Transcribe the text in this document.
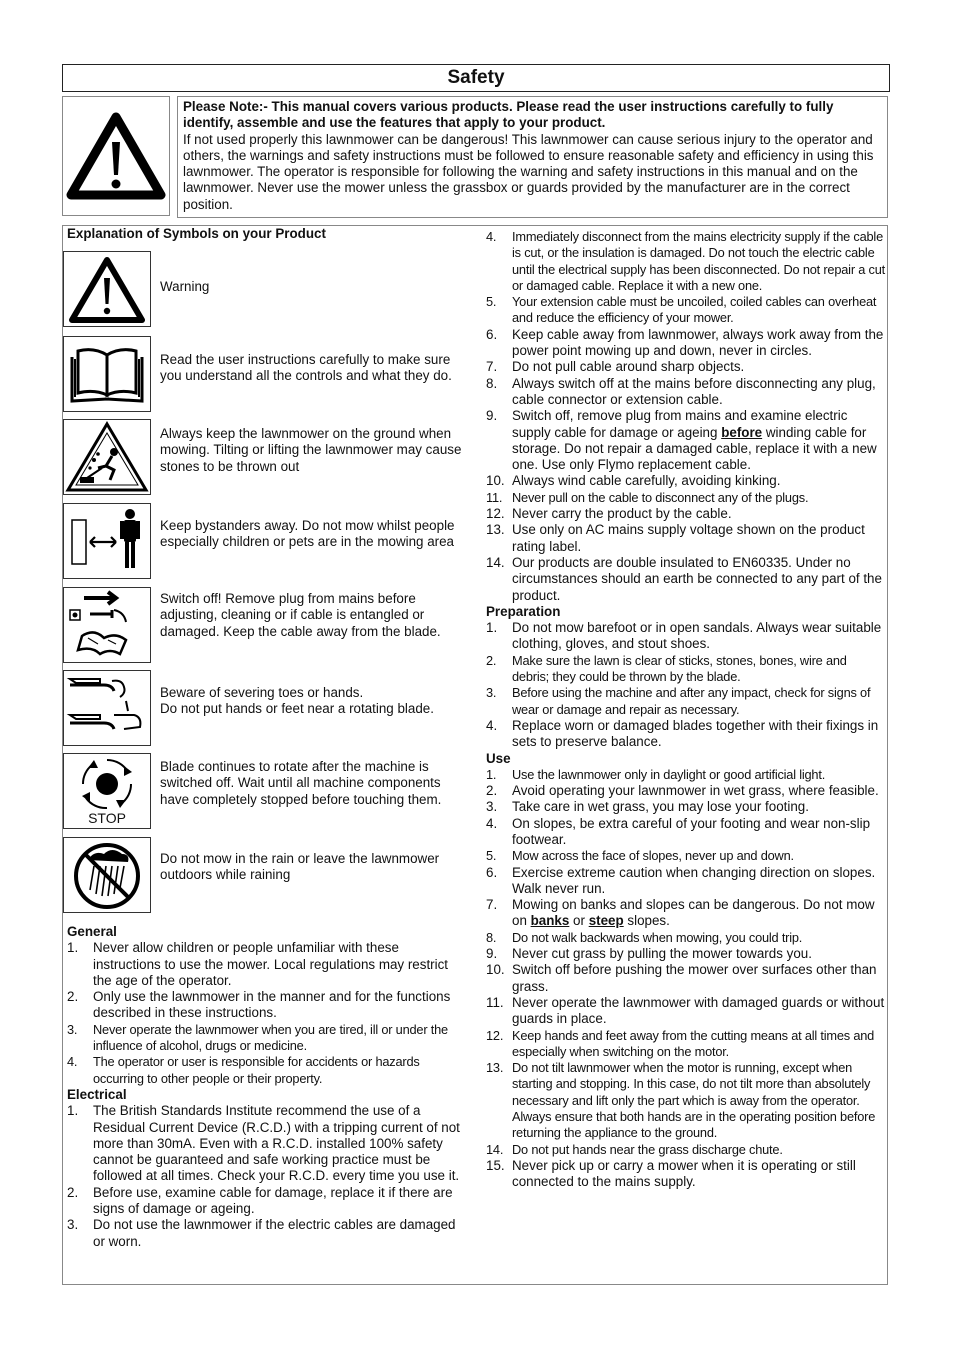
Safety
Please Note:- This manual covers various products. Please read the user instructions carefully to fully identify, assemble and use the features that apply to your product.
If not used properly this lawnmower can be dangerous! This lawnmower can cause serious injury to the operator and others, the warnings and safety instructions must be followed to ensure reasonable safety and efficiency in using this lawnmower. The operator is responsible for following the warning and safety instructions in this manual and on the lawnmower. Never use the mower unless the grassbox or guards provided by the manufacturer are in the correct position.
Explanation of Symbols on your Product
Warning
Read the user instructions carefully to make sure you understand all the controls and what they do.
Always keep the lawnmower on the ground when mowing. Tilting or lifting the lawnmower may cause stones to be thrown out
Keep bystanders away. Do not mow whilst people especially children or pets are in the mowing area
Switch off! Remove plug from mains before adjusting, cleaning or if cable is entangled or damaged. Keep the cable away from the blade.
Beware of severing toes or hands.
Do not put hands or feet near a rotating blade.
STOP
Blade continues to rotate after the machine is switched off. Wait until all machine components have completely stopped before touching them.
Do not mow in the rain or leave the lawnmower outdoors while raining
General
1. Never allow children or people unfamiliar with these instructions to use the mower. Local regulations may restrict the age of the operator.
2. Only use the lawnmower in the manner and for the functions described in these instructions.
3. Never operate the lawnmower when you are tired, ill or under the influence of alcohol, drugs or medicine.
4. The operator or user is responsible for accidents or hazards occurring to other people or their property.
Electrical
1. The British Standards Institute recommend the use of a Residual Current Device (R.C.D.) with a tripping current of not more than 30mA. Even with a R.C.D. installed 100% safety cannot be guaranteed and safe working practice must be followed at all times. Check your R.C.D. every time you use it.
2. Before use, examine cable for damage, replace it if there are signs of damage or ageing.
3. Do not use the lawnmower if the electric cables are damaged or worn.
4. Immediately disconnect from the mains electricity supply if the cable is cut, or the insulation is damaged. Do not touch the electric cable until the electrical supply has been disconnected. Do not repair a cut or damaged cable. Replace it with a new one.
5. Your extension cable must be uncoiled, coiled cables can overheat and reduce the efficiency of your mower.
6. Keep cable away from lawnmower, always work away from the power point mowing up and down, never in circles.
7. Do not pull cable around sharp objects.
8. Always switch off at the mains before disconnecting any plug, cable connector or extension cable.
9. Switch off, remove plug from mains and examine electric supply cable for damage or ageing before winding cable for storage. Do not repair a damaged cable, replace it with a new one. Use only Flymo replacement cable.
10. Always wind cable carefully, avoiding kinking.
11. Never pull on the cable to disconnect any of the plugs.
12. Never carry the product by the cable.
13. Use only on AC mains supply voltage shown on the product rating label.
14. Our products are double insulated to EN60335. Under no circumstances should an earth be connected to any part of the product.
Preparation
1. Do not mow barefoot or in open sandals. Always wear suitable clothing, gloves, and stout shoes.
2. Make sure the lawn is clear of sticks, stones, bones, wire and debris; they could be thrown by the blade.
3. Before using the machine and after any impact, check for signs of wear or damage and repair as necessary.
4. Replace worn or damaged blades together with their fixings in sets to preserve balance.
Use
1. Use the lawnmower only in daylight or good artificial light.
2. Avoid operating your lawnmower in wet grass, where feasible.
3. Take care in wet grass, you may lose your footing.
4. On slopes, be extra careful of your footing and wear non-slip footwear.
5. Mow across the face of slopes, never up and down.
6. Exercise extreme caution when changing direction on slopes. Walk never run.
7. Mowing on banks and slopes can be dangerous. Do not mow on banks or steep slopes.
8. Do not walk backwards when mowing, you could trip.
9. Never cut grass by pulling the mower towards you.
10. Switch off before pushing the mower over surfaces other than grass.
11. Never operate the lawnmower with damaged guards or without guards in place.
12. Keep hands and feet away from the cutting means at all times and especially when switching on the motor.
13. Do not tilt lawnmower when the motor is running, except when starting and stopping. In this case, do not tilt more than absolutely necessary and lift only the part which is away from the operator. Always ensure that both hands are in the operating position before returning the appliance to the ground.
14. Do not put hands near the grass discharge chute.
15. Never pick up or carry a mower when it is operating or still connected to the mains supply.
